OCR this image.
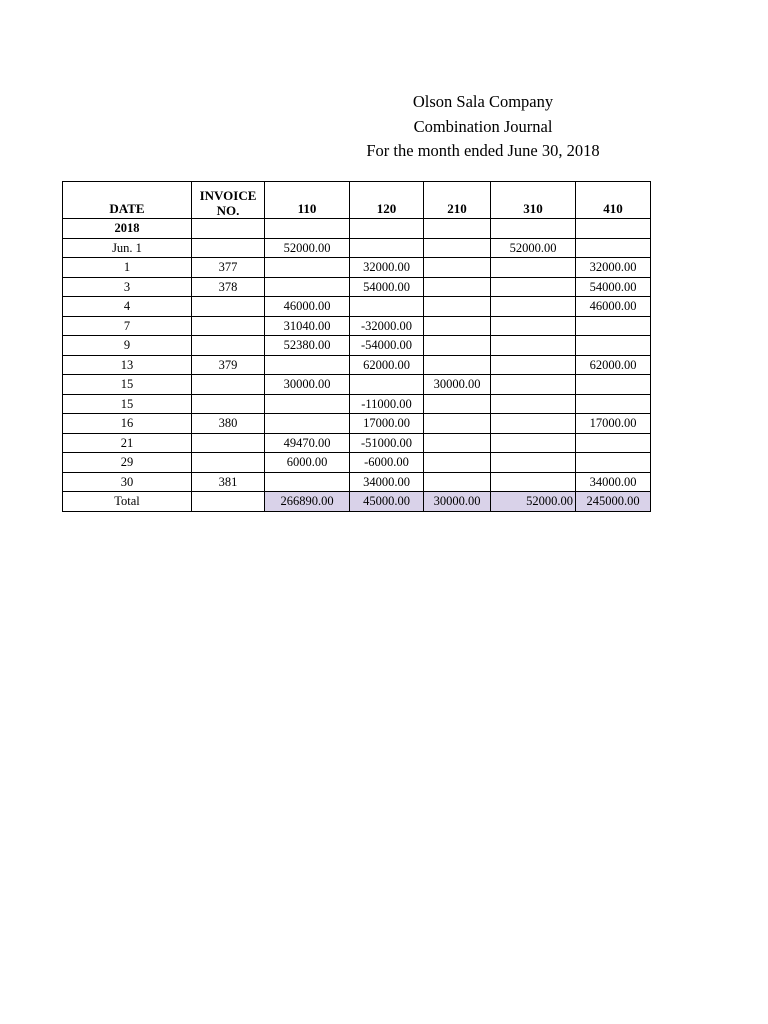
Olson Sala Company
Combination Journal
For the month ended June 30, 2018
DATE	INVOICE
NO.	110	120	210	310	410
2018						
Jun. 1		52000.00			52000.00	
1	377		32000.00			32000.00
3	378		54000.00			54000.00
4		46000.00				46000.00
7		31040.00	-32000.00			
9		52380.00	-54000.00			
13	379		62000.00			62000.00
15		30000.00		30000.00		
15			-11000.00			
16	380		17000.00			17000.00
21		49470.00	-51000.00			
29		6000.00	-6000.00			
30	381		34000.00			34000.00
Total		266890.00	45000.00	30000.00	52000.00	245000.00
